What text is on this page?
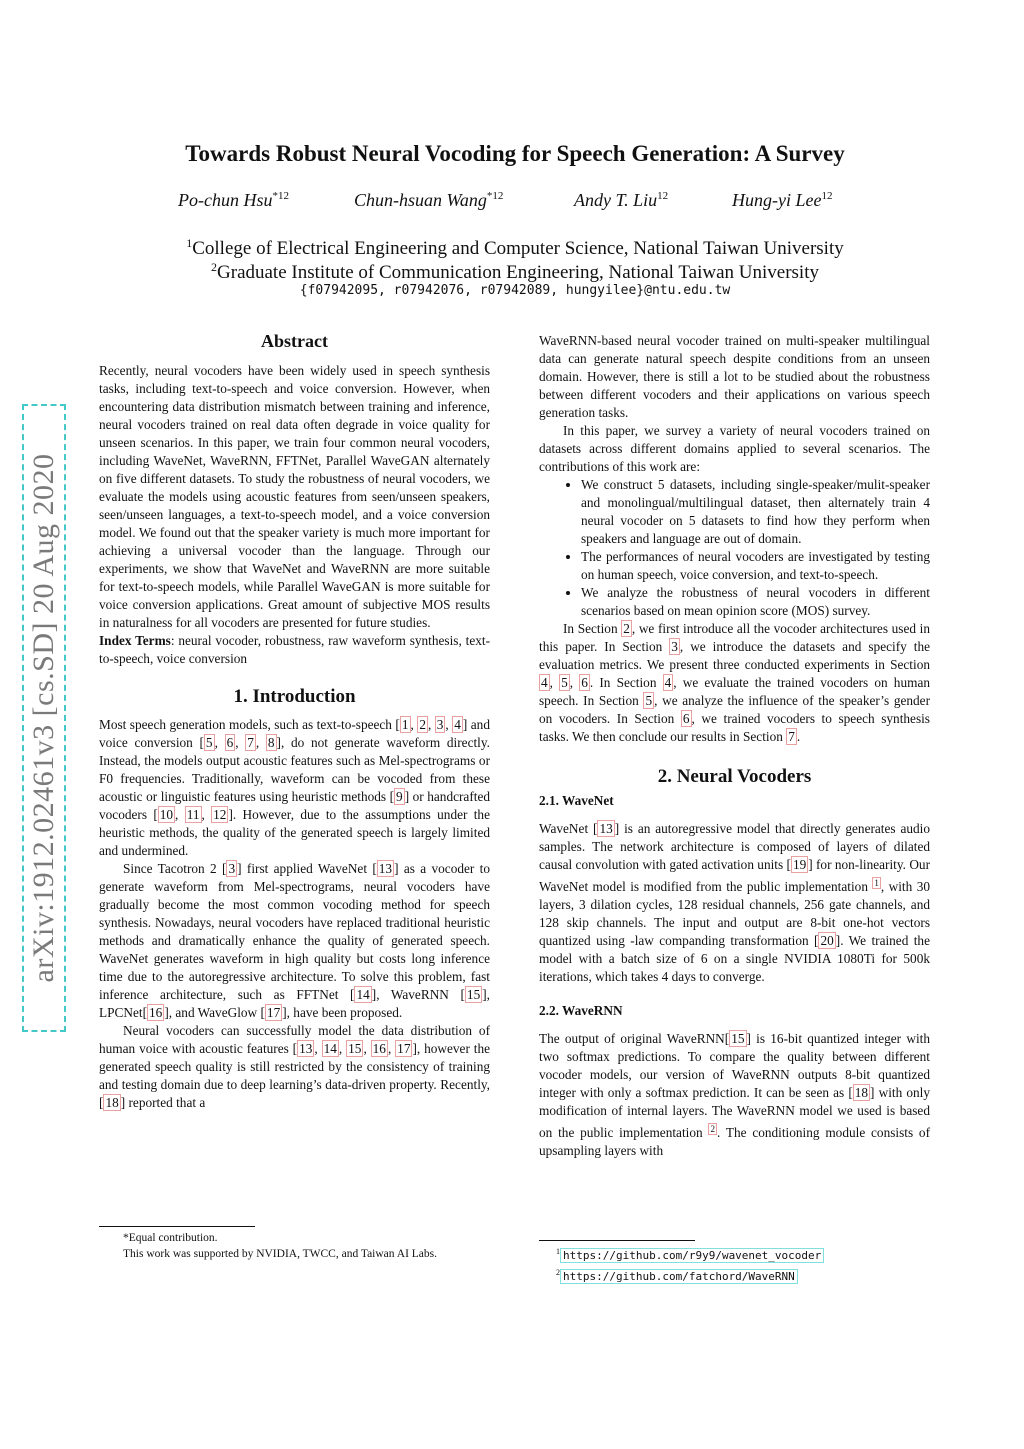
arXiv:1912.02461v3 [cs.SD] 20 Aug 2020
Towards Robust Neural Vocoding for Speech Generation: A Survey
Po-chun Hsu$^{*12}$	Chun-hsuan Wang$^{*12}$	Andy T. Liu$^{12}$	Hung-yi Lee$^{12}$
$^1$College of Electrical Engineering and Computer Science, National Taiwan University
$^2$Graduate Institute of Communication Engineering, National Taiwan University
{f07942095, r07942076, r07942089, hungyilee}@ntu.edu.tw
Abstract

Recently, neural vocoders have been widely used in speech synthesis tasks, including text-to-speech and voice conversion. However, when encountering data distribution mismatch between training and inference, neural vocoders trained on real data often degrade in voice quality for unseen scenarios. In this paper, we train four common neural vocoders, including WaveNet, WaveRNN, FFTNet, Parallel WaveGAN alternately on five different datasets. To study the robustness of neural vocoders, we evaluate the models using acoustic features from seen/unseen speakers, seen/unseen languages, a text-to-speech model, and a voice conversion model. We found out that the speaker variety is much more important for achieving a universal vocoder than the language. Through our experiments, we show that WaveNet and WaveRNN are more suitable for text-to-speech models, while Parallel WaveGAN is more suitable for voice conversion applications. Great amount of subjective MOS results in naturalness for all vocoders are presented for future studies.

Index Terms: neural vocoder, robustness, raw waveform synthesis, text-to-speech, voice conversion

1. Introduction

Most speech generation models, such as text-to-speech [ 1 , 2 , 3 , 4 ] and voice conversion [ 5 , 6 , 7 , 8 ], do not generate waveform directly. Instead, the models output acoustic features such as Mel-spectrograms or F0 frequencies. Traditionally, waveform can be vocoded from these acoustic or linguistic features using heuristic methods [ 9 ] or handcrafted vocoders [ 10 , 11 , 12 ]. However, due to the assumptions under the heuristic methods, the quality of the generated speech is largely limited and undermined.

Since Tacotron 2 [ 3 ] first applied WaveNet [ 13 ] as a vocoder to generate waveform from Mel-spectrograms, neural vocoders have gradually become the most common vocoding method for speech synthesis. Nowadays, neural vocoders have replaced traditional heuristic methods and dramatically enhance the quality of generated speech. WaveNet generates waveform in high quality but costs long inference time due to the autoregressive architecture. To solve this problem, fast inference architecture, such as FFTNet [ 14 ], WaveRNN [ 15 ], LPCNet[ 16 ], and WaveGlow [ 17 ], have been proposed.

Neural vocoders can successfully model the data distribution of human voice with acoustic features [ 13 , 14 , 15 , 16 , 17 ], however the generated speech quality is still restricted by the consistency of training and testing domain due to deep learning’s data-driven property. Recently, [ 18 ] reported that a

*Equal contribution.
This work was supported by NVIDIA, TWCC, and Taiwan AI Labs.

WaveRNN-based neural vocoder trained on multi-speaker multilingual data can generate natural speech despite conditions from an unseen domain. However, there is still a lot to be studied about the robustness between different vocoders and their applications on various speech generation tasks.

In this paper, we survey a variety of neural vocoders trained on datasets across different domains applied to several scenarios. The contributions of this work are:

• We construct 5 datasets, including single-speaker/mulit-speaker and monolingual/multilingual dataset, then alternately train 4 neural vocoder on 5 datasets to find how they perform when speakers and language are out of domain.
• The performances of neural vocoders are investigated by testing on human speech, voice conversion, and text-to-speech.
• We analyze the robustness of neural vocoders in different scenarios based on mean opinion score (MOS) survey.

In Section 2 , we first introduce all the vocoder architectures used in this paper. In Section 3 , we introduce the datasets and specify the evaluation metrics. We present three conducted experiments in Section 4 , 5 , 6 . In Section 4 , we evaluate the trained vocoders on human speech. In Section 5 , we analyze the influence of the speaker’s gender on vocoders. In Section 6 , we trained vocoders to speech synthesis tasks. We then conclude our results in Section 7 .

2. Neural Vocoders
2.1. WaveNet

WaveNet [ 13 ] is an autoregressive model that directly generates audio samples. The network architecture is composed of layers of dilated causal convolution with gated activation units [ 19 ] for non-linearity. Our WaveNet model is modified from the public implementation $^1$ , with 30 layers, 3 dilation cycles, 128 residual channels, 256 gate channels, and 128 skip channels. The input and output are 8-bit one-hot vectors quantized using -law companding transformation [ 20 ]. We trained the model with a batch size of 6 on a single NVIDIA 1080Ti for 500k iterations, which takes 4 days to converge.

2.2. WaveRNN

The output of original WaveRNN[ 15 ] is 16-bit quantized integer with two softmax predictions. To compare the quality between different vocoder models, our version of WaveRNN outputs 8-bit quantized integer with only a softmax prediction. It can be seen as [ 18 ] with only modification of internal layers. The WaveRNN model we used is based on the public implementation $^2$ . The conditioning module consists of upsampling layers with

$^1$ https://github.com/r9y9/wavenet_vocoder
$^2$ https://github.com/fatchord/WaveRNN
